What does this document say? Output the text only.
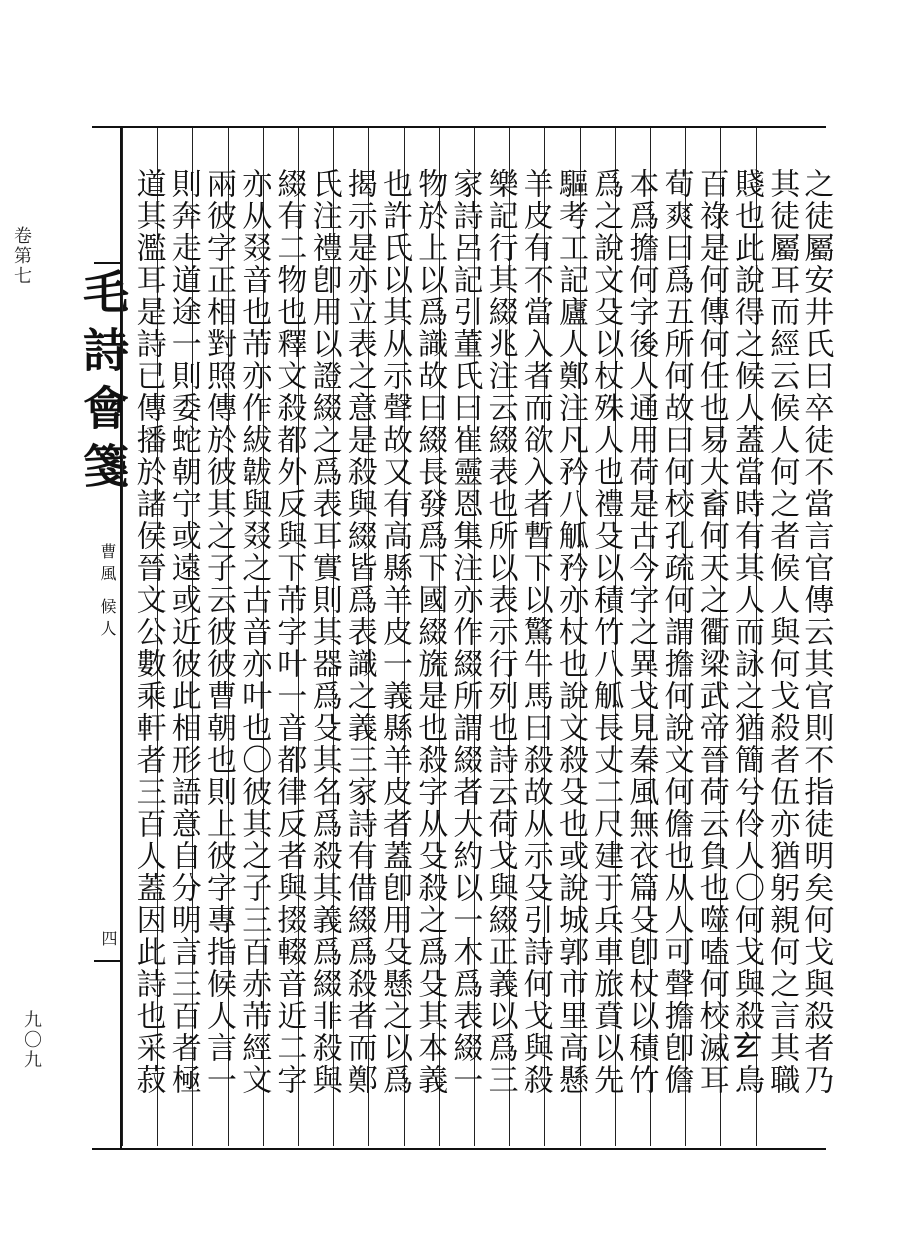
卷第七
九〇九
毛詩會箋
曹風 候人
四	之徒屬安井氏曰卒徒不當言官傳云其官則不指徒明矣何戈與殺者乃
其徒屬耳而經云候人何之者候人與何戈殺者伍亦猶躬親何之言其職
賤也此說得之候人蓋當時有其人而詠之猶簡兮伶人〇何戈與殺𤣥鳥
百祿是何傳何任也易大畜何天之衢梁武帝晉荷云負也噬嗑何校滅耳
荀爽曰爲五所何故曰何校孔疏何謂擔何說文何儋也从人可聲擔卽儋
本爲擔何字後人通用荷是古今字之異戈見秦風無衣篇殳卽杖以積竹
爲之說文殳以杖殊人也禮殳以積竹八觚長丈二尺建于兵車旅賁以先
驅考工記廬人鄭注凡矜八觚矜亦杖也說文殺殳也或說城郭市里高懸
羊皮有不當入者而欲入者暫下以驚牛馬曰殺故从示殳引詩何戈與殺
樂記行其綴兆注云綴表也所以表示行列也詩云荷戈與綴正義以爲三
家詩呂記引董氏曰崔靈恩集注亦作綴所謂綴者大約以一木爲表綴一
物於上以爲識故曰綴長發爲下國綴旒是也殺字从殳殺之爲殳其本義
也許氏以其从示聲故又有高縣羊皮一義縣羊皮者蓋卽用殳懸之以爲
揭示是亦立表之意是殺與綴皆爲表識之義三家詩有借綴爲殺者而鄭
氏注禮卽用以證綴之爲表耳實則其器爲殳其名爲殺其義爲綴非殺與
綴有二物也釋文殺都外反與下芾字叶一音都律反者與掇輟音近二字
亦从叕音也芾亦作紱韍與叕之古音亦叶也〇彼其之子三百赤芾經文
兩彼字正相對照傳於彼其之子云彼彼曹朝也則上彼字專指候人言一
則奔走道途一則委蛇朝宁或遠或近彼此相形語意自分明言三百者極
道其濫耳是詩已傳播於諸侯晉文公數乘軒者三百人蓋因此詩也采菽
